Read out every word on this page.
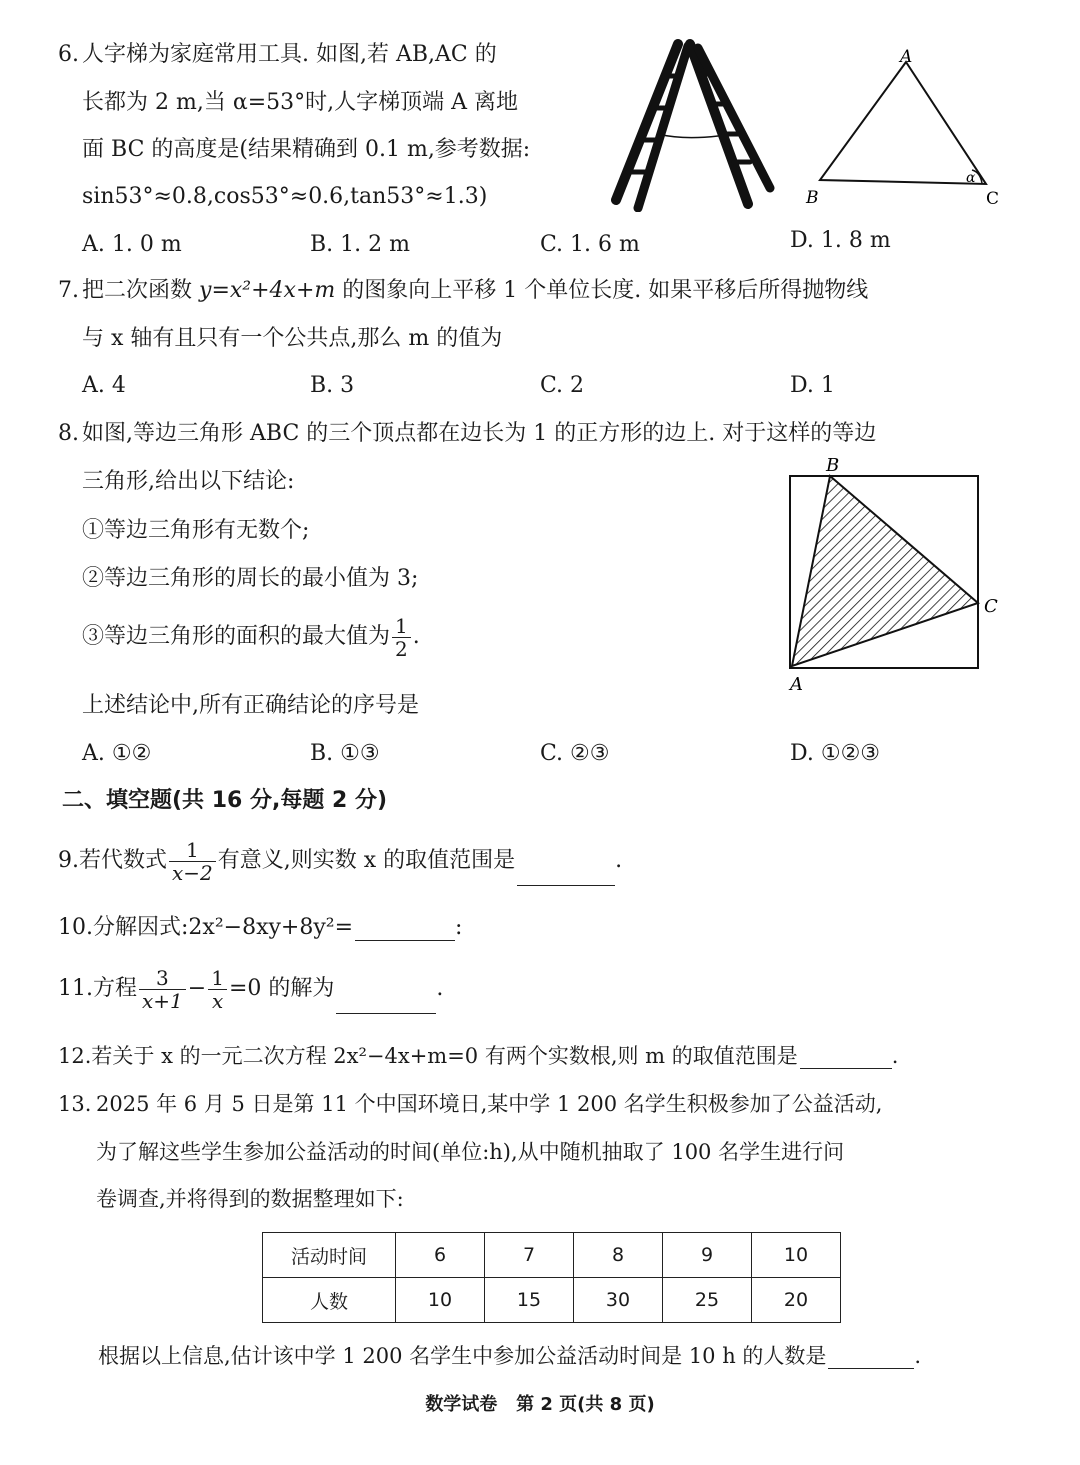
6. 人字梯为家庭常用工具. 如图,若 AB,AC 的
长都为 2 m,当 α=53°时,人字梯顶端 A 离地
面 BC 的高度是(结果精确到 0.1 m,参考数据:
sin53°≈0.8,cos53°≈0.6,tan53°≈1.3)
A. 1. 0 m	B. 1. 2 m	C. 1. 6 m	D. 1. 8 m
A
B	C
α
7. 把二次函数 y=x²+4x+m 的图象向上平移 1 个单位长度. 如果平移后所得抛物线
与 x 轴有且只有一个公共点,那么 m 的值为
A. 4	B. 3	C. 2	D. 1
8. 如图,等边三角形 ABC 的三个顶点都在边长为 1 的正方形的边上. 对于这样的等边
三角形,给出以下结论:
①等边三角形有无数个;
②等边三角形的周长的最小值为 3;
③等边三角形的面积的最大值为 $\frac{1}{2}$ .
上述结论中,所有正确结论的序号是
A. ①②	B. ①③	C. ②③	D. ①②③
B
C
A
二、填空题(共 16 分,每题 2 分)
9.若代数式 $\frac{1}{x-2}$ 有意义,则实数 x 的取值范围是	.
10.分解因式:2x²−8xy+8y²=	:
11.方程 $\frac{3}{x+1} - \frac{1}{x} =0$ 的解为	.
12.若关于 x 的一元二次方程 2x²−4x+m=0 有两个实数根,则 m 的取值范围是	.
13. 2025 年 6 月 5 日是第 11 个中国环境日,某中学 1 200 名学生积极参加了公益活动,
为了解这些学生参加公益活动的时间(单位:h),从中随机抽取了 100 名学生进行问
卷调查,并将得到的数据整理如下:
活动时间	6	7	8	9	10
人数	10	15	30	25	20
根据以上信息,估计该中学 1 200 名学生中参加公益活动时间是 10 h 的人数是	.
数学试卷   第 2 页(共 8 页)
